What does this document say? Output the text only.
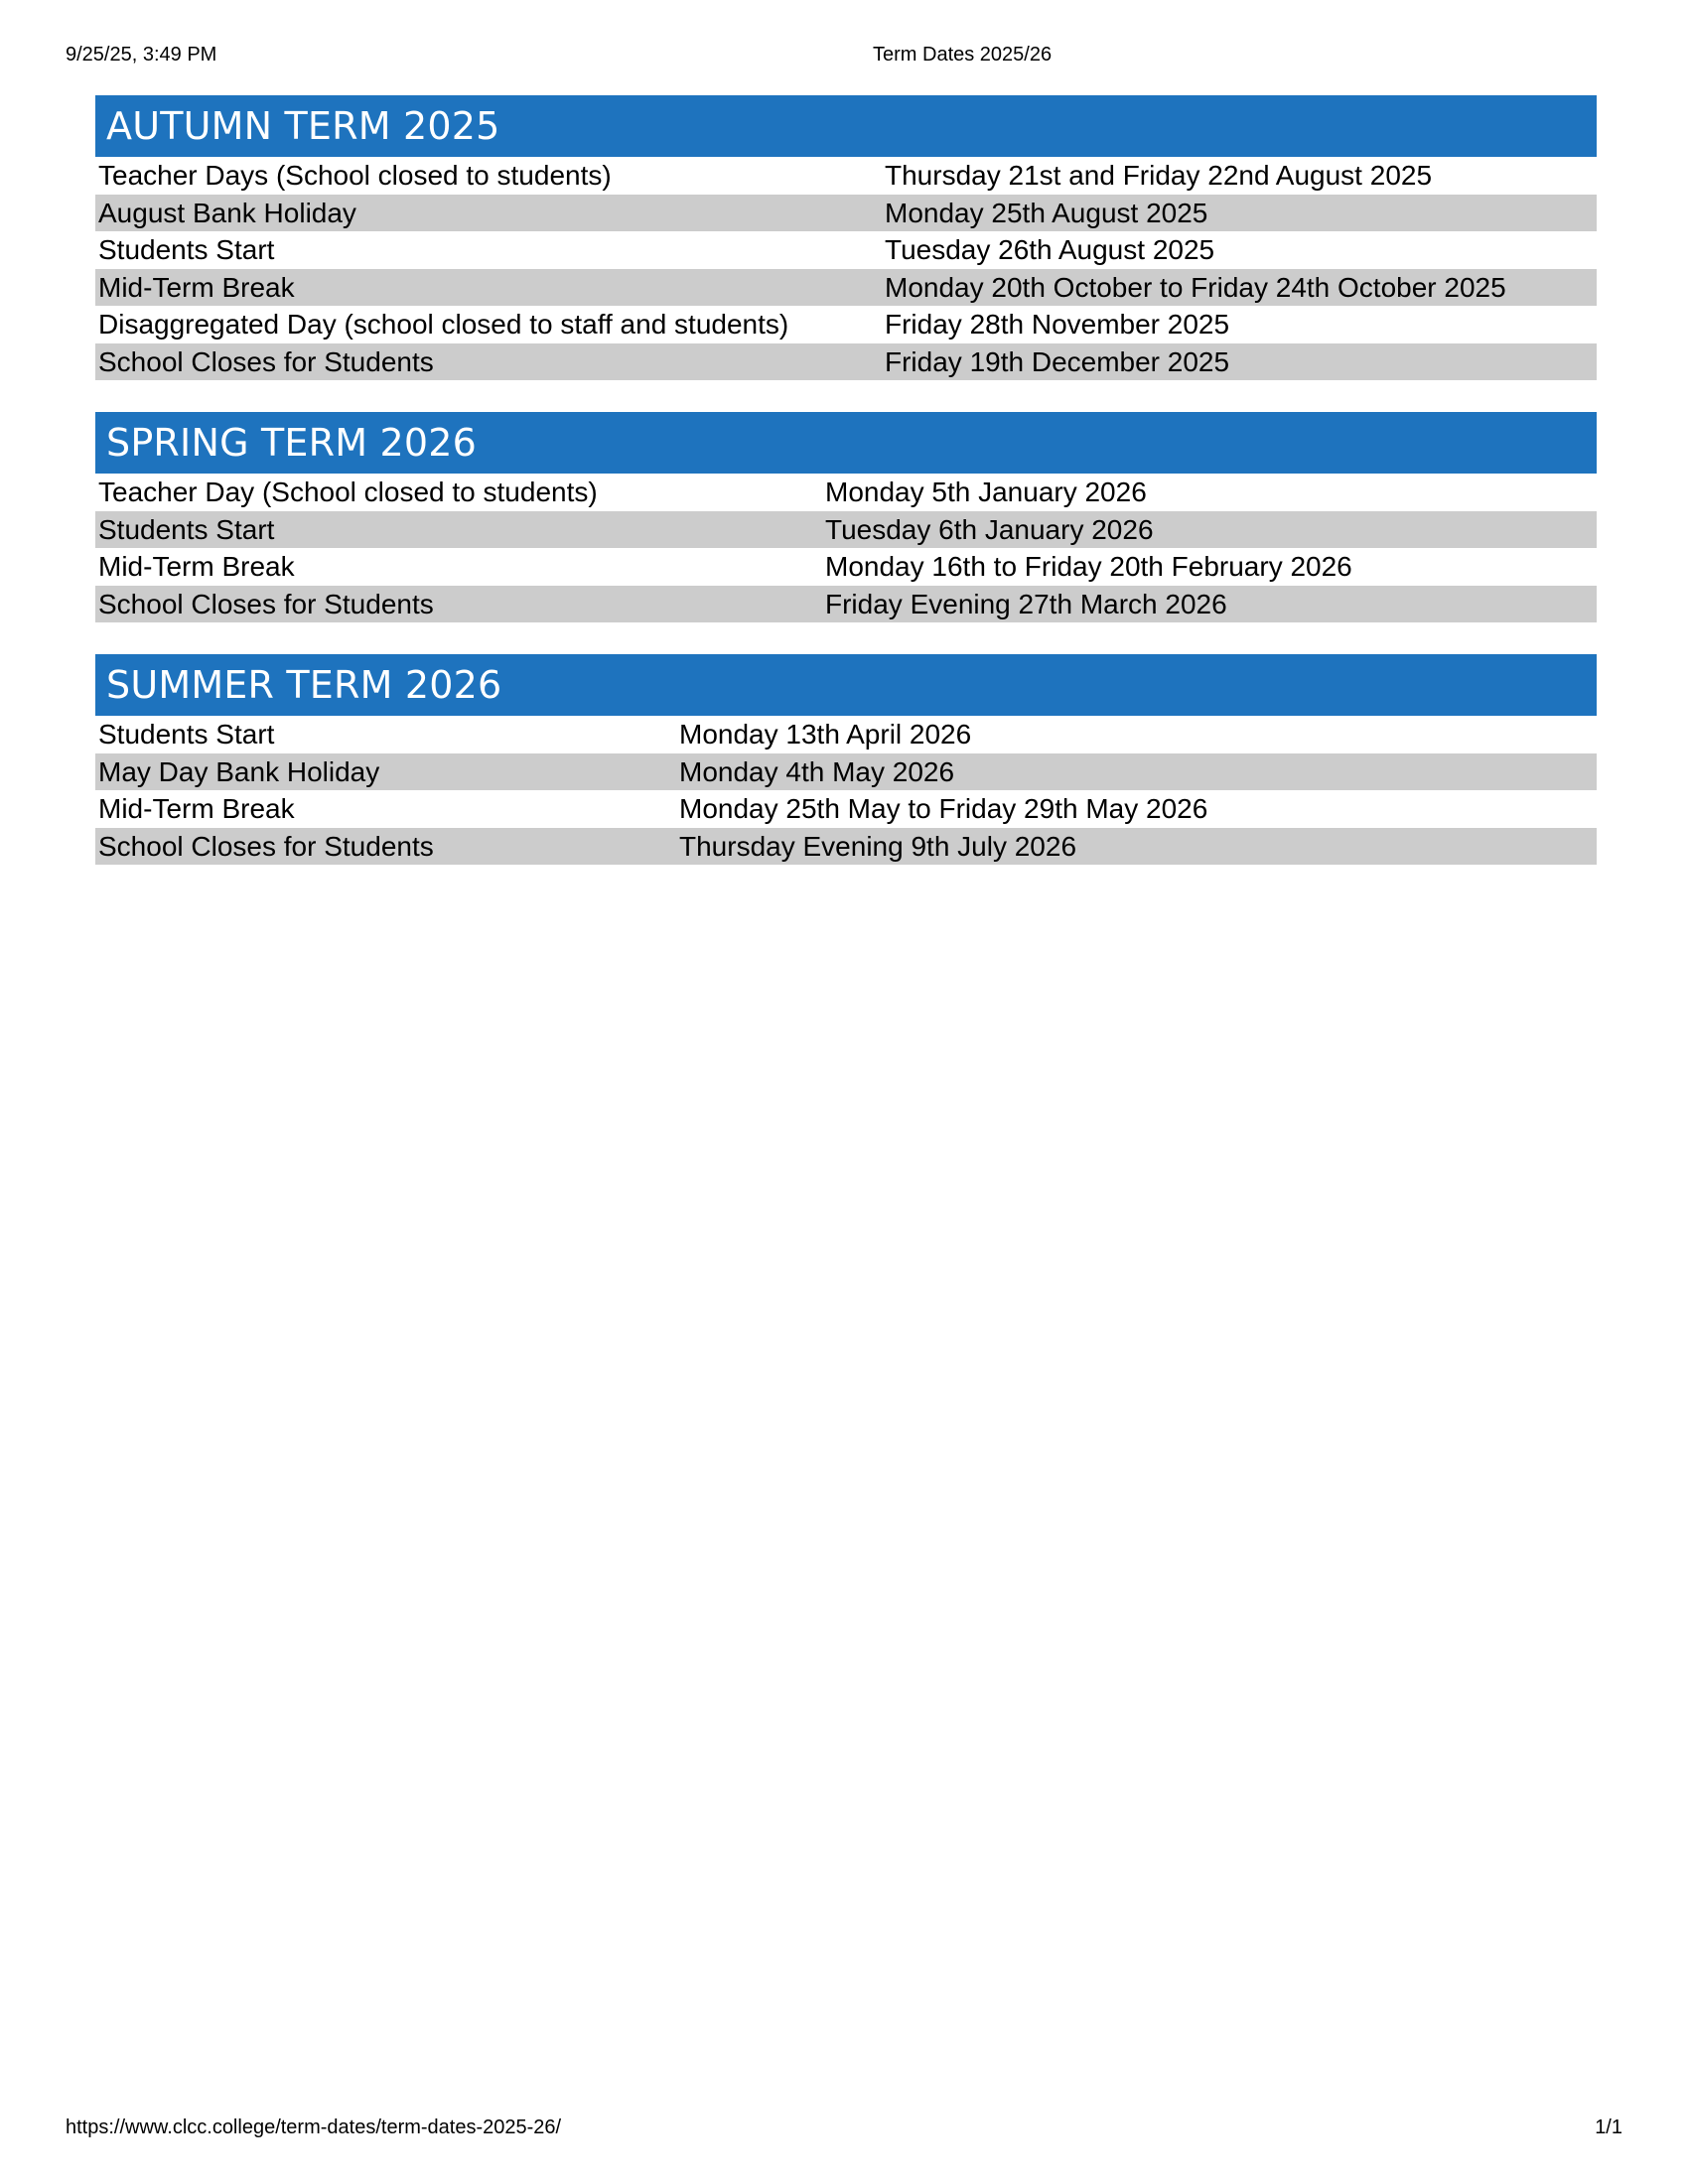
9/25/25, 3:49 PM	Term Dates 2025/26
AUTUMN TERM 2025
Teacher Days (School closed to students)	Thursday 21st and Friday 22nd August 2025
August Bank Holiday	Monday 25th August 2025
Students Start	Tuesday 26th August 2025
Mid-Term Break	Monday 20th October to Friday 24th October 2025
Disaggregated Day (school closed to staff and students)	Friday 28th November 2025
School Closes for Students	Friday 19th December 2025
SPRING TERM 2026
Teacher Day (School closed to students)	Monday 5th January 2026
Students Start	Tuesday 6th January 2026
Mid-Term Break	Monday 16th to Friday 20th February 2026
School Closes for Students	Friday Evening 27th March 2026
SUMMER TERM 2026
Students Start	Monday 13th April 2026
May Day Bank Holiday	Monday 4th May 2026
Mid-Term Break	Monday 25th May to Friday 29th May 2026
School Closes for Students	Thursday Evening 9th July 2026
https://www.clcc.college/term-dates/term-dates-2025-26/	1/1
